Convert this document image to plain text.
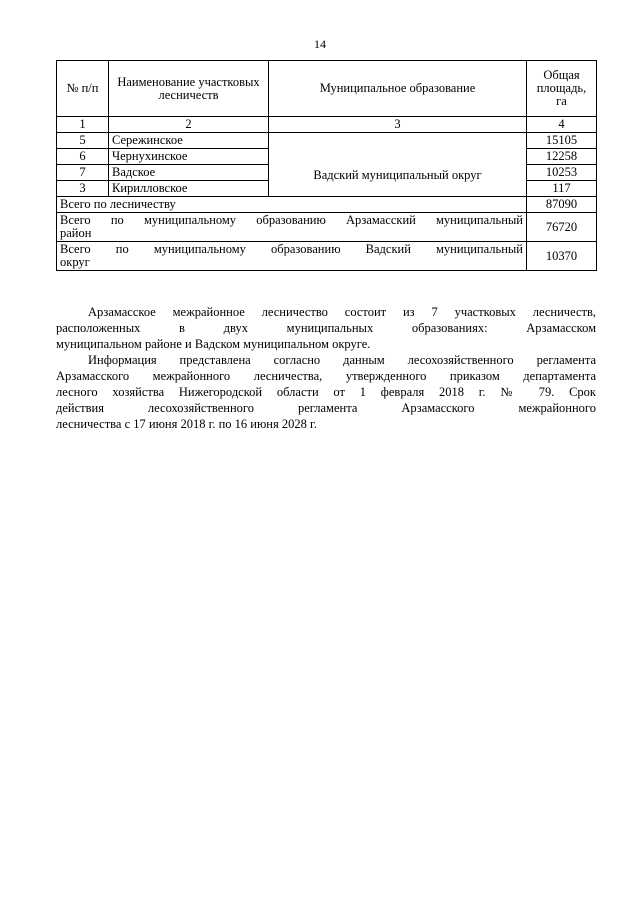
14
№ п/п	Наименование участковых лесничеств	Муниципальное образование	Общая площадь, га
1	2	3	4
5	Сережинское	Вадский муниципальный округ	15105
6	Чернухинское		12258
7	Вадское		10253
3	Кирилловское		117
Всего по лесничеству			87090

Всего по муниципальному образованию Арзамасский муниципальный
район			76720

Всего по муниципальному образованию Вадский муниципальный
округ			10370

Арзамасское межрайонное лесничество состоит из 7 участковых лесничеств,
расположенных в двух муниципальных образованиях: Арзамасском
муниципальном районе и Вадском муниципальном округе.

Информация представлена согласно данным лесохозяйственного регламента
Арзамасского межрайонного лесничества, утвержденного приказом департамента
лесного хозяйства Нижегородской области от 1 февраля 2018 г. № 79. Срок
действия лесохозяйственного регламента Арзамасского межрайонного
лесничества с 17 июня 2018 г. по 16 июня 2028 г.
